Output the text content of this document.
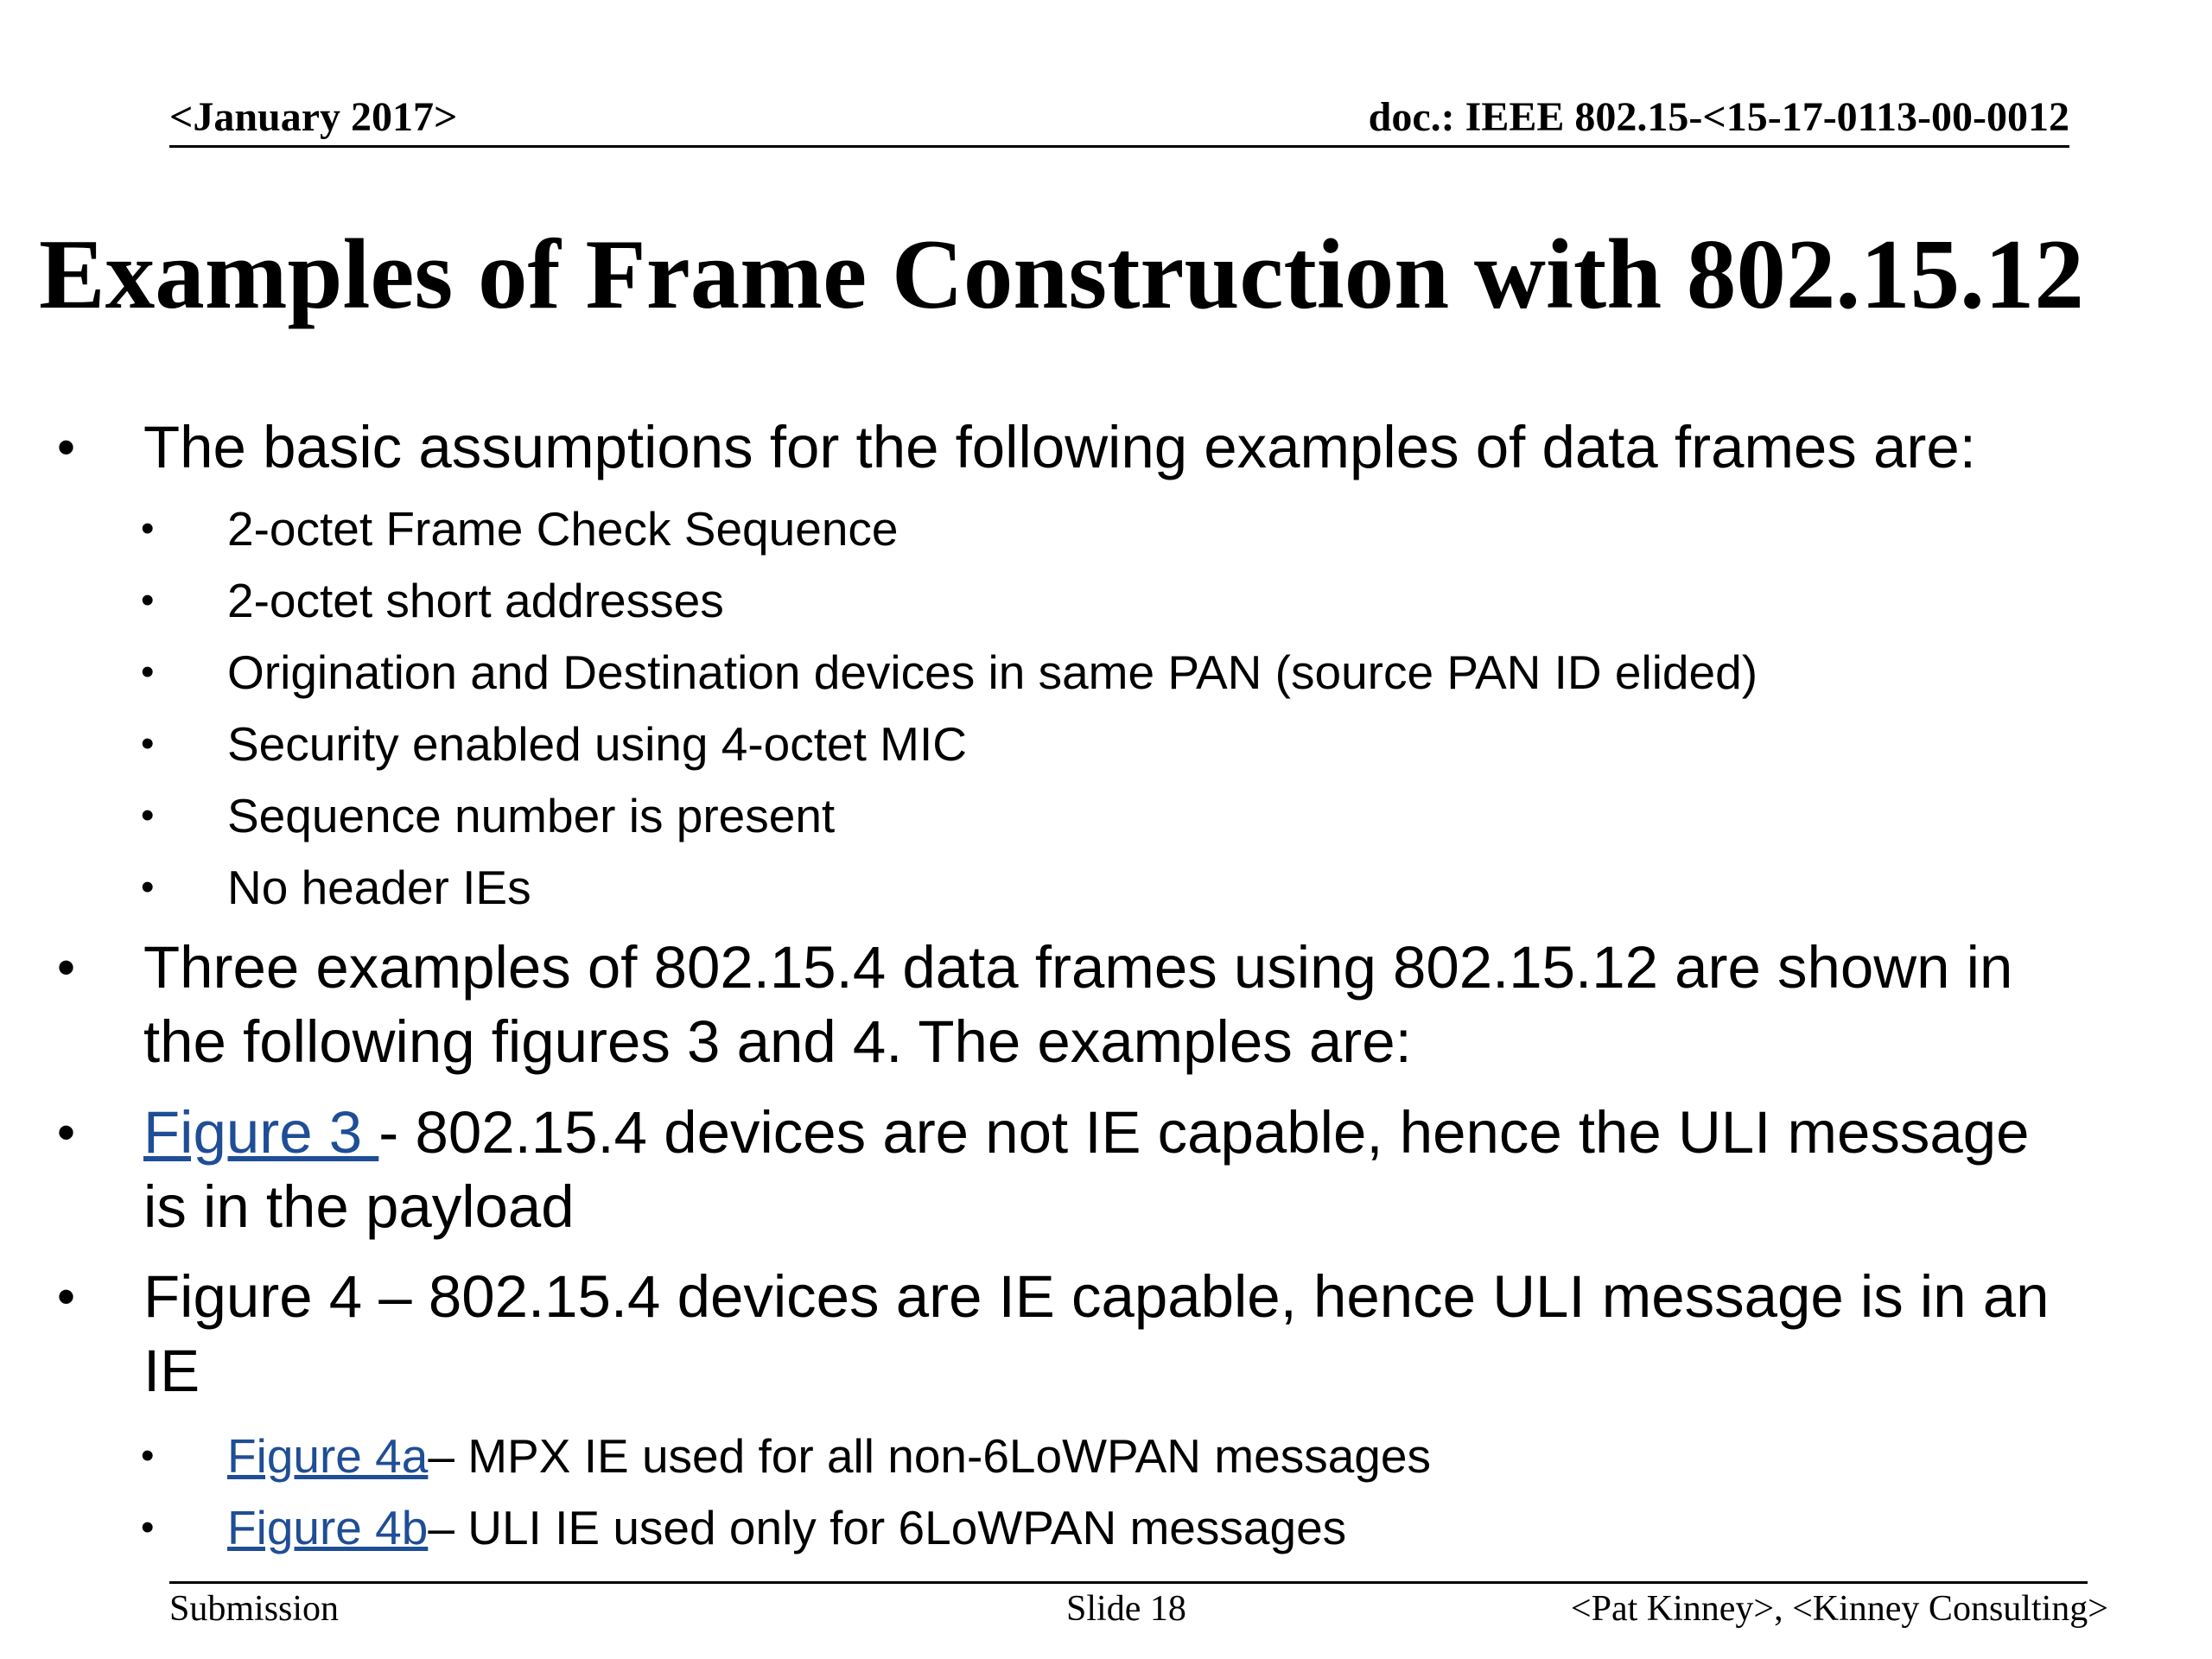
<January 2017>	doc.: IEEE 802.15-<15-17-0113-00-0012
Examples of Frame Construction with 802.15.12
• The basic assumptions for the following examples of data frames are:
• 2-octet Frame Check Sequence
• 2-octet short addresses
• Origination and Destination devices in same PAN (source PAN ID elided)
• Security enabled using 4-octet MIC
• Sequence number is present
• No header IEs
• Three examples of 802.15.4 data frames using 802.15.12 are shown in
the following figures 3 and 4. The examples are:
• Figure 3 - 802.15.4 devices are not IE capable, hence the ULI message
is in the payload
• Figure 4 – 802.15.4 devices are IE capable, hence ULI message is in an
IE
• Figure 4a– MPX IE used for all non-6LoWPAN messages
• Figure 4b– ULI IE used only for 6LoWPAN messages
Submission	Slide 18	<Pat Kinney>, <Kinney Consulting>
